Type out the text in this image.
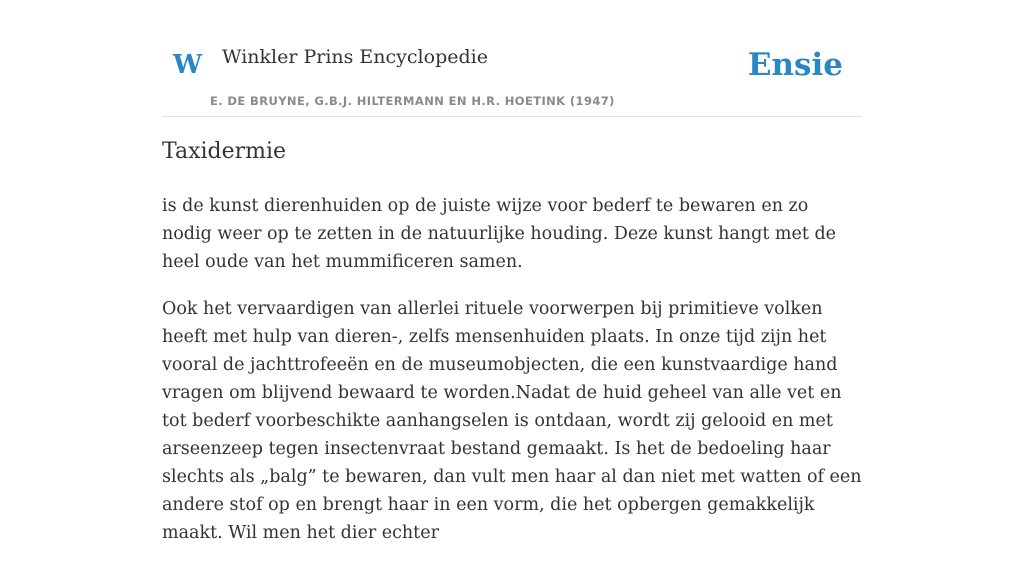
W Winkler Prins Encyclopedie
E. DE BRUYNE, G.B.J. HILTERMANN EN H.R. HOETINK (1947)
Ensie
Taxidermie

is de kunst dierenhuiden op de juiste wijze voor bederf te bewaren en zo nodig weer op te zetten in de natuurlijke houding. Deze kunst hangt met de heel oude van het mummificeren samen.

Ook het vervaardigen van allerlei rituele voorwerpen bij primitieve volken heeft met hulp van dieren-, zelfs mensenhuiden plaats. In onze tijd zijn het vooral de jachttrofeeën en de museumobjecten, die een kunstvaardige hand vragen om blijvend bewaard te worden.Nadat de huid geheel van alle vet en tot bederf voorbeschikte aanhangselen is ontdaan, wordt zij gelooid en met arseenzeep tegen insectenvraat bestand gemaakt. Is het de bedoeling haar slechts als „balg” te bewaren, dan vult men haar al dan niet met watten of een andere stof op en brengt haar in een vorm, die het opbergen gemakkelijk maakt. Wil men het dier echter
